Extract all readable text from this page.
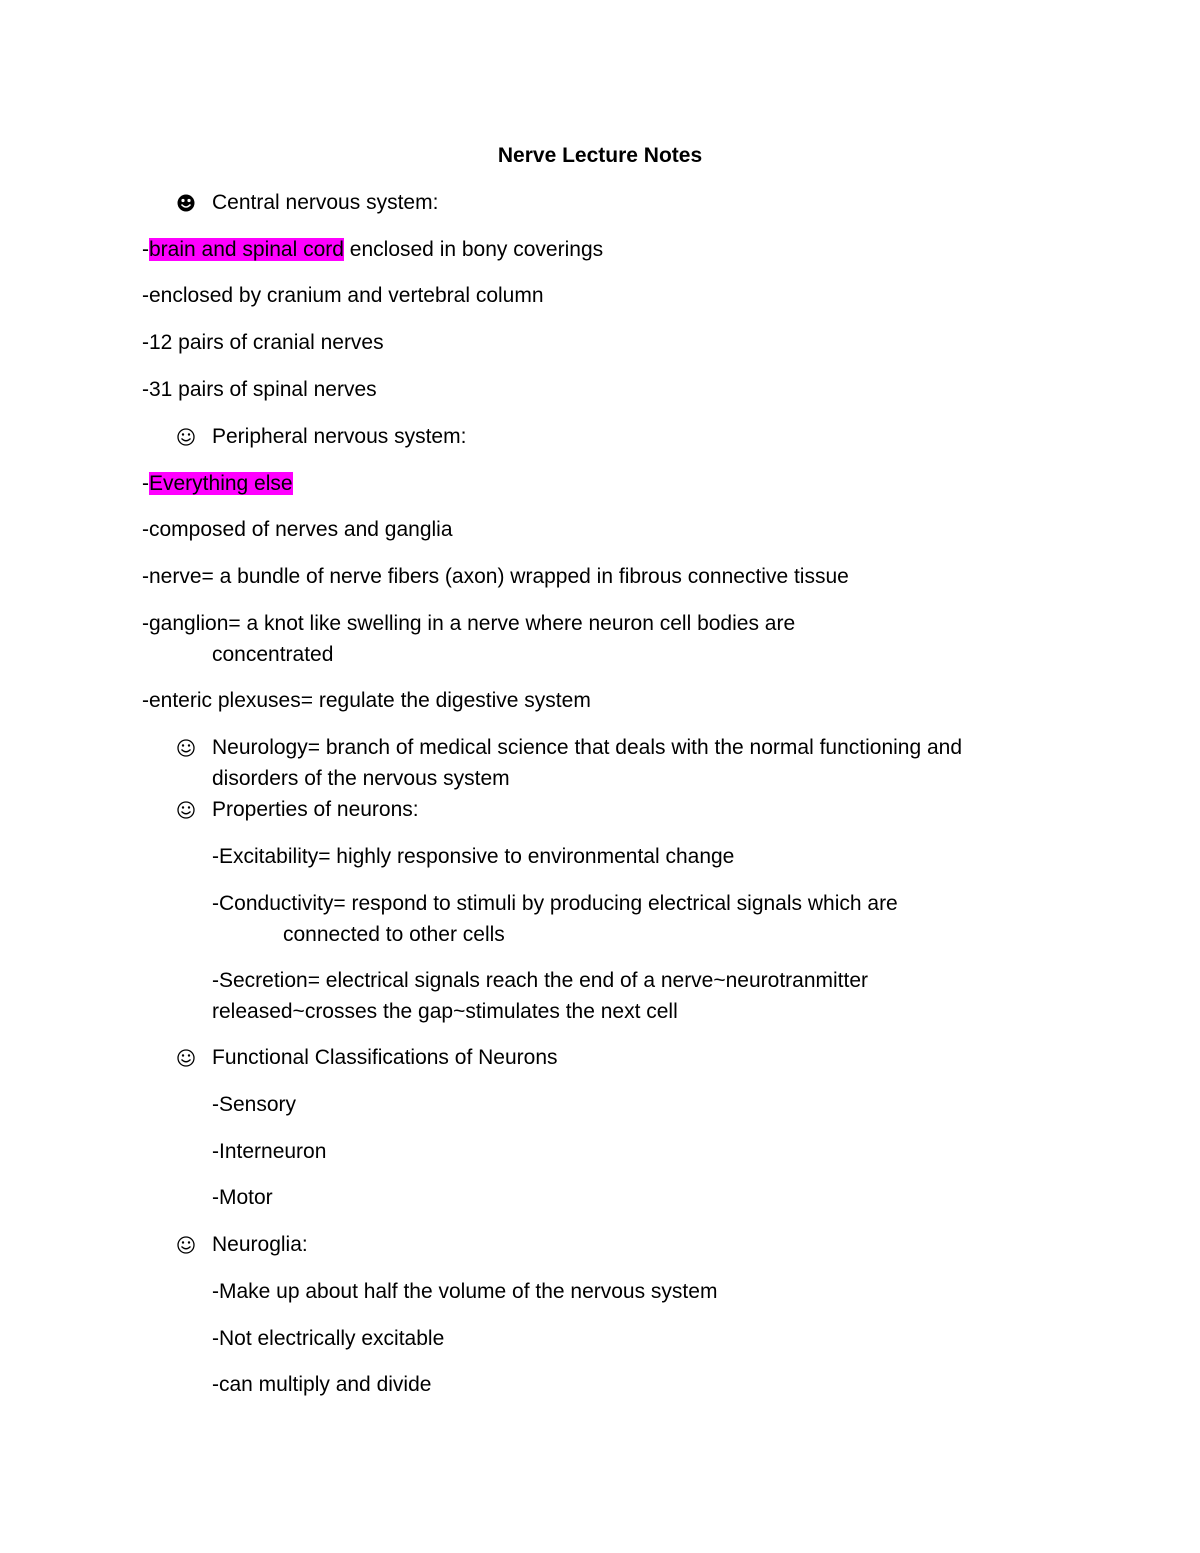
Nerve Lecture Notes
Central nervous system:
-brain and spinal cord enclosed in bony coverings
-enclosed by cranium and vertebral column
-12 pairs of cranial nerves
-31 pairs of spinal nerves
Peripheral nervous system:
-Everything else
-composed of nerves and ganglia
-nerve= a bundle of nerve fibers (axon) wrapped in fibrous connective tissue
-ganglion= a knot like swelling in a nerve where neuron cell bodies are
concentrated
-enteric plexuses= regulate the digestive system
Neurology= branch of medical science that deals with the normal functioning and
disorders of the nervous system
Properties of neurons:
-Excitability= highly responsive to environmental change
-Conductivity= respond to stimuli by producing electrical signals which are
connected to other cells
-Secretion= electrical signals reach the end of a nerve~neurotranmitter
released~crosses the gap~stimulates the next cell
Functional Classifications of Neurons
-Sensory
-Interneuron
-Motor
Neuroglia:
-Make up about half the volume of the nervous system
-Not electrically excitable
-can multiply and divide
